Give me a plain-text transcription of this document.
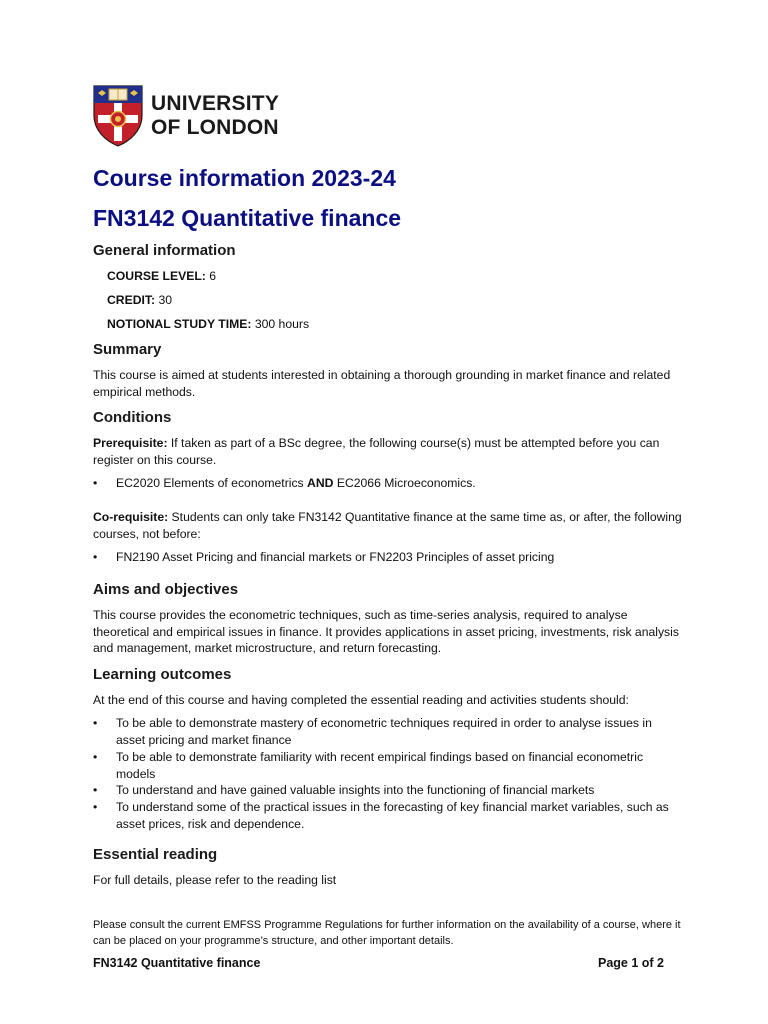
UNIVERSITY
OF LONDON
Course information 2023-24
FN3142 Quantitative finance
General information
COURSE LEVEL: 6
CREDIT: 30
NOTIONAL STUDY TIME: 300 hours
Summary
This course is aimed at students interested in obtaining a thorough grounding in market finance and related empirical methods.
Conditions
Prerequisite: If taken as part of a BSc degree, the following course(s) must be attempted before you can register on this course.
•	EC2020 Elements of econometrics AND EC2066 Microeconomics.
Co-requisite: Students can only take FN3142 Quantitative finance at the same time as, or after, the following courses, not before:
•	FN2190 Asset Pricing and financial markets or FN2203 Principles of asset pricing
Aims and objectives
This course provides the econometric techniques, such as time-series analysis, required to analyse theoretical and empirical issues in finance. It provides applications in asset pricing, investments, risk analysis and management, market microstructure, and return forecasting.
Learning outcomes
At the end of this course and having completed the essential reading and activities students should:
•	To be able to demonstrate mastery of econometric techniques required in order to analyse issues in asset pricing and market finance
•	To be able to demonstrate familiarity with recent empirical findings based on financial econometric models
•	To understand and have gained valuable insights into the functioning of financial markets
•	To understand some of the practical issues in the forecasting of key financial market variables, such as asset prices, risk and dependence.
Essential reading
For full details, please refer to the reading list
Please consult the current EMFSS Programme Regulations for further information on the availability of a course, where it can be placed on your programme’s structure, and other important details.
FN3142 Quantitative finance	Page 1 of 2
